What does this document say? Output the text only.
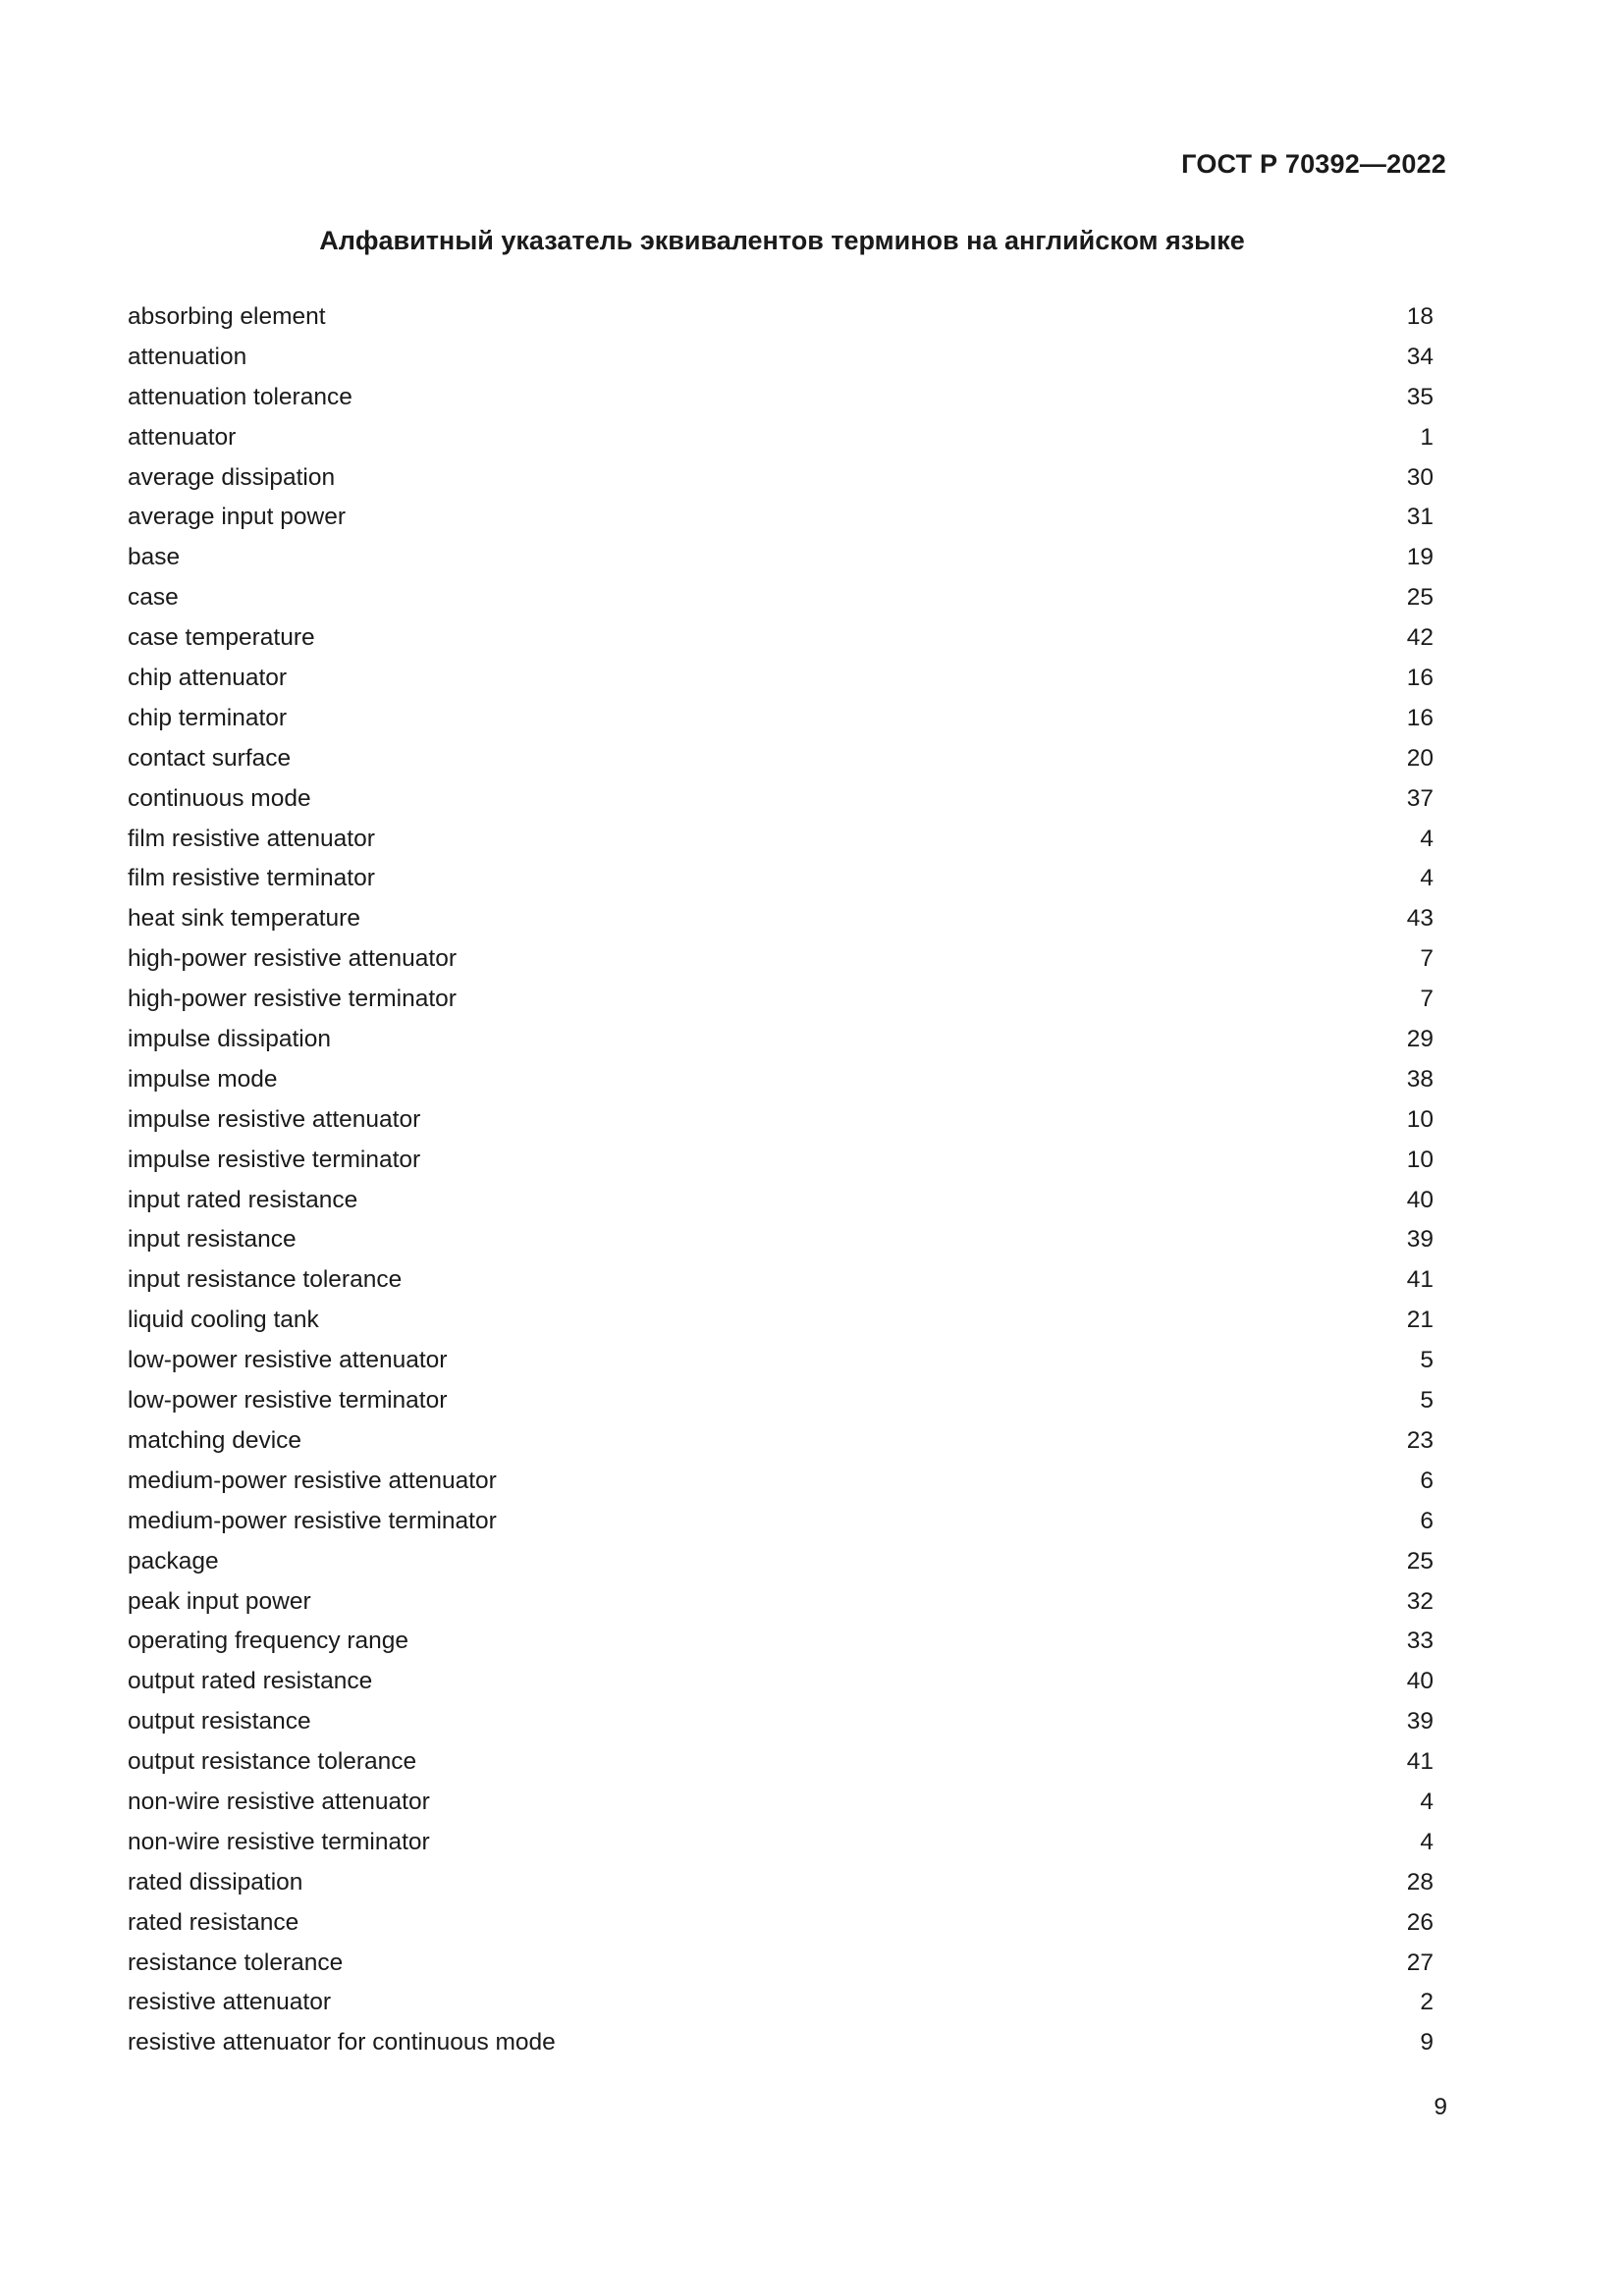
ГОСТ Р 70392—2022
Алфавитный указатель эквивалентов терминов на английском языке
absorbing element	18
attenuation	34
attenuation tolerance	35
attenuator	1
average dissipation	30
average input power	31
base	19
case	25
case temperature	42
chip attenuator	16
chip terminator	16
contact surface	20
continuous mode	37
film resistive attenuator	4
film resistive terminator	4
heat sink temperature	43
high-power resistive attenuator	7
high-power resistive terminator	7
impulse dissipation	29
impulse mode	38
impulse resistive attenuator	10
impulse resistive terminator	10
input rated resistance	40
input resistance	39
input resistance tolerance	41
liquid cooling tank	21
low-power resistive attenuator	5
low-power resistive terminator	5
matching device	23
medium-power resistive attenuator	6
medium-power resistive terminator	6
package	25
peak input power	32
operating frequency range	33
output rated resistance	40
output resistance	39
output resistance tolerance	41
non-wire resistive attenuator	4
non-wire resistive terminator	4
rated dissipation	28
rated resistance	26
resistance tolerance	27
resistive attenuator	2
resistive attenuator for continuous mode	9
9
